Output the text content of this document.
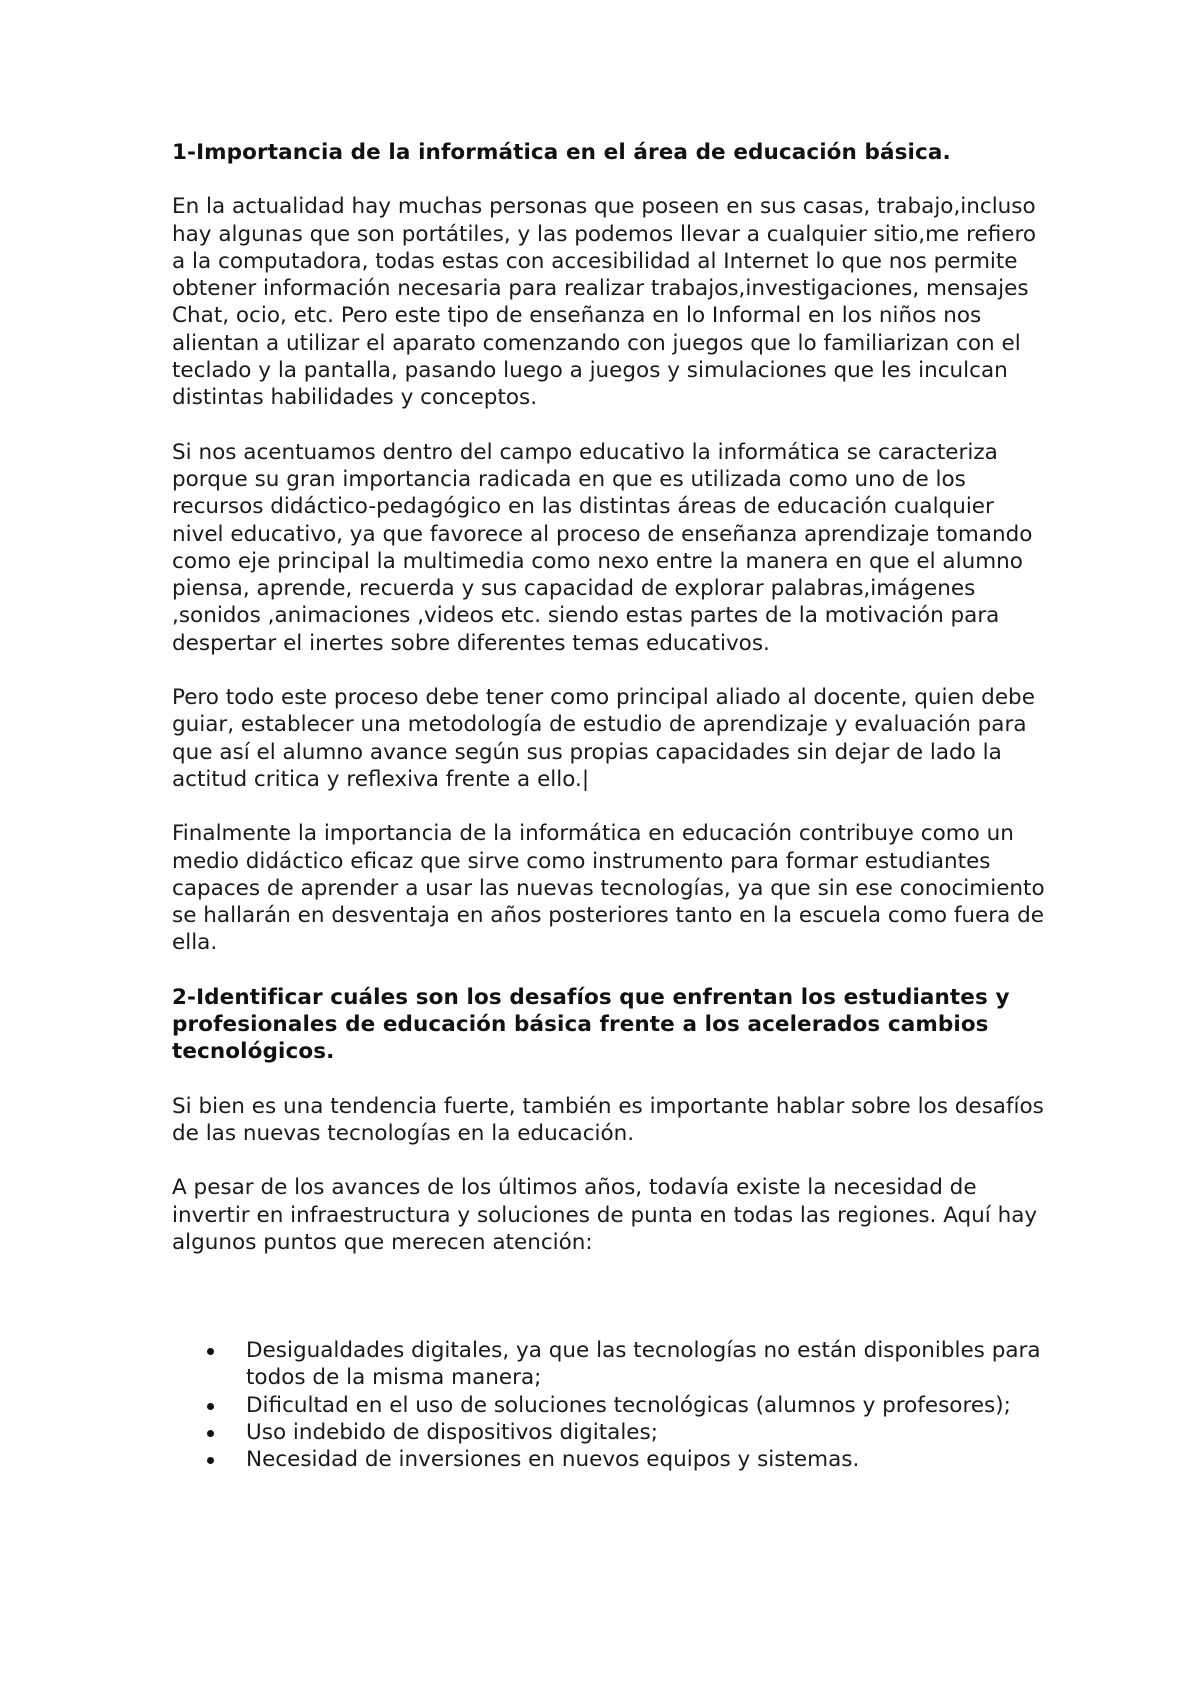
1-Importancia de la informática en el área de educación básica.

En la actualidad hay muchas personas que poseen en sus casas, trabajo,incluso hay algunas que son portátiles, y las podemos llevar a cualquier sitio,me refiero a la computadora, todas estas con accesibilidad al Internet lo que nos permite obtener información necesaria para realizar trabajos,investigaciones, mensajes Chat, ocio, etc. Pero este tipo de enseñanza en lo Informal en los niños nos alientan a utilizar el aparato comenzando con juegos que lo familiarizan con el teclado y la pantalla, pasando luego a juegos y simulaciones que les inculcan distintas habilidades y conceptos.

Si nos acentuamos dentro del campo educativo la informática se caracteriza porque su gran importancia radicada en que es utilizada como uno de los recursos didáctico-pedagógico en las distintas áreas de educación cualquier nivel educativo, ya que favorece al proceso de enseñanza aprendizaje tomando como eje principal la multimedia como nexo entre la manera en que el alumno piensa, aprende, recuerda y sus capacidad de explorar palabras,imágenes ,sonidos ,animaciones ,videos etc. siendo estas partes de la motivación para despertar el inertes sobre diferentes temas educativos.

Pero todo este proceso debe tener como principal aliado al docente, quien debe guiar, establecer una metodología de estudio de aprendizaje y evaluación para que así el alumno avance según sus propias capacidades sin dejar de lado la actitud critica y reflexiva frente a ello.|

Finalmente la importancia de la informática en educación contribuye como un medio didáctico eficaz que sirve como instrumento para formar estudiantes capaces de aprender a usar las nuevas tecnologías, ya que sin ese conocimiento se hallarán en desventaja en años posteriores tanto en la escuela como fuera de ella.

2-Identificar cuáles son los desafíos que enfrentan los estudiantes y profesionales de educación básica frente a los acelerados cambios tecnológicos.

Si bien es una tendencia fuerte, también es importante hablar sobre los desafíos de las nuevas tecnologías en la educación.

A pesar de los avances de los últimos años, todavía existe la necesidad de invertir en infraestructura y soluciones de punta en todas las regiones. Aquí hay algunos puntos que merecen atención:

Desigualdades digitales, ya que las tecnologías no están disponibles para todos de la misma manera;
Dificultad en el uso de soluciones tecnológicas (alumnos y profesores);
Uso indebido de dispositivos digitales;
Necesidad de inversiones en nuevos equipos y sistemas.
